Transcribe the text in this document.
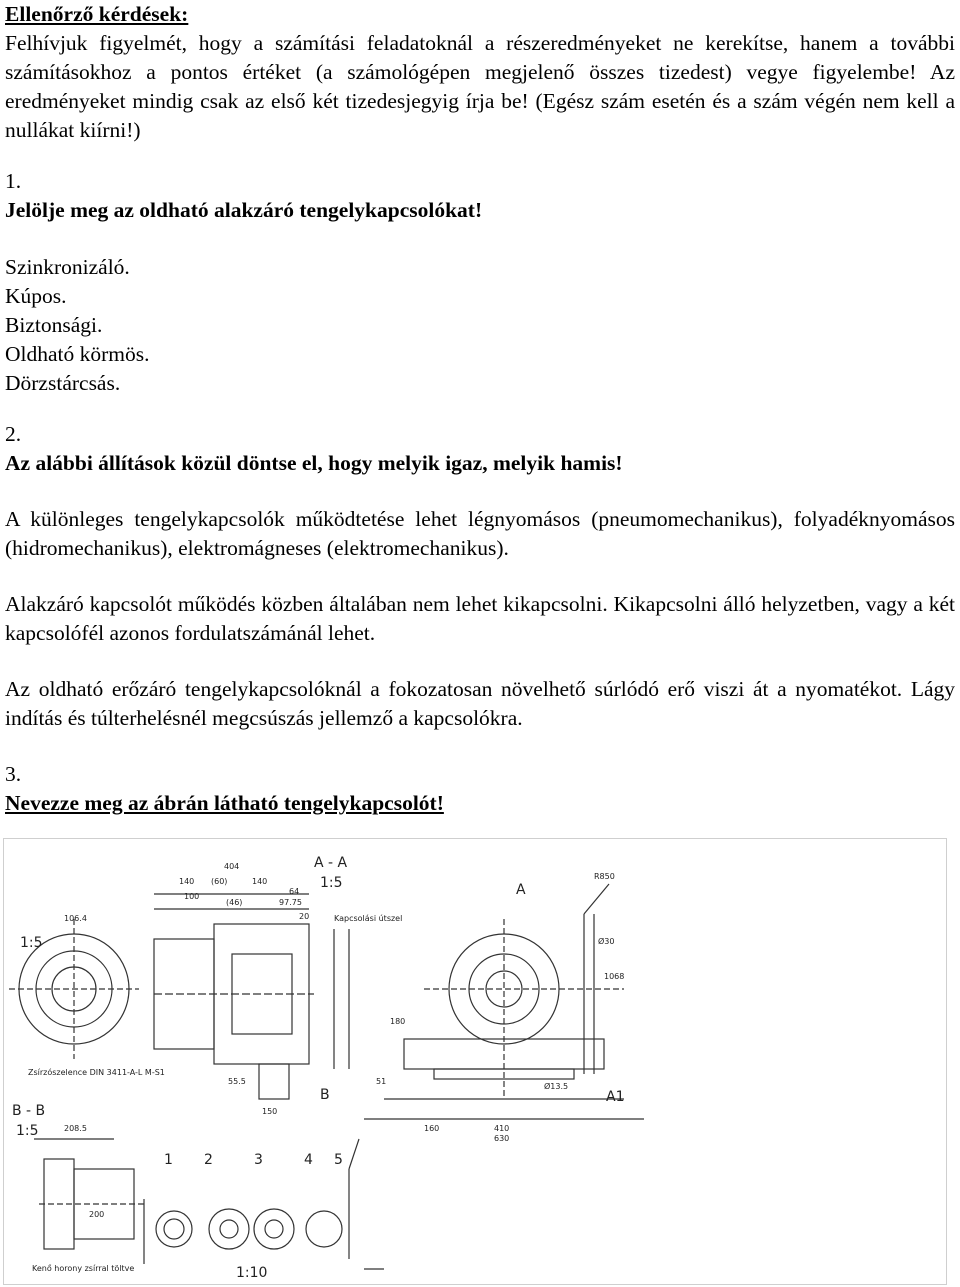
Ellenőrző kérdések:
Felhívjuk figyelmét, hogy a számítási feladatoknál a részeredményeket ne kerekítse, hanem a további számításokhoz a pontos értéket (a számológépen megjelenő összes tizedest) vegye figyelembe! Az eredményeket mindig csak az első két tizedesjegyig írja be! (Egész szám esetén és a szám végén nem kell a nullákat kiírni!)
1.
Jelölje meg az oldható alakzáró tengelykapcsolókat!
Szinkronizáló.
Kúpos.
Biztonsági.
Oldható körmös.
Dörzstárcsás.
2.
Az alábbi állítások közül döntse el, hogy melyik igaz, melyik hamis!
A különleges tengelykapcsolók működtetése lehet légnyomásos (pneumomechanikus), folyadéknyomásos (hidromechanikus), elektromágneses (elektromechanikus).
Alakzáró kapcsolót működés közben általában nem lehet kikapcsolni. Kikapcsolni álló helyzetben, vagy a két kapcsolófél azonos fordulatszámánál lehet.
Az oldható erőzáró tengelykapcsolóknál a fokozatosan növelhető súrlódó erő viszi át a nyomatékot. Lágy indítás és túlterhelésnél megcsúszás jellemző a kapcsolókra.
3.
Nevezze meg az ábrán látható tengelykapcsolót!
A - A
1:5
1:5
B - B
1:5
1:10
A
A1
B
Zsírzószelence DIN 3411-A-L M-S1
Kenő horony zsírral töltve
Kapcsolási útszel
5
4
3
2
1
404
140 (60)	140
100
(46)	97.75
64
20
106.4
55.5
150
160	410
630
51
180
208.5
200
1068
Ø30
Ø13.5
R850
